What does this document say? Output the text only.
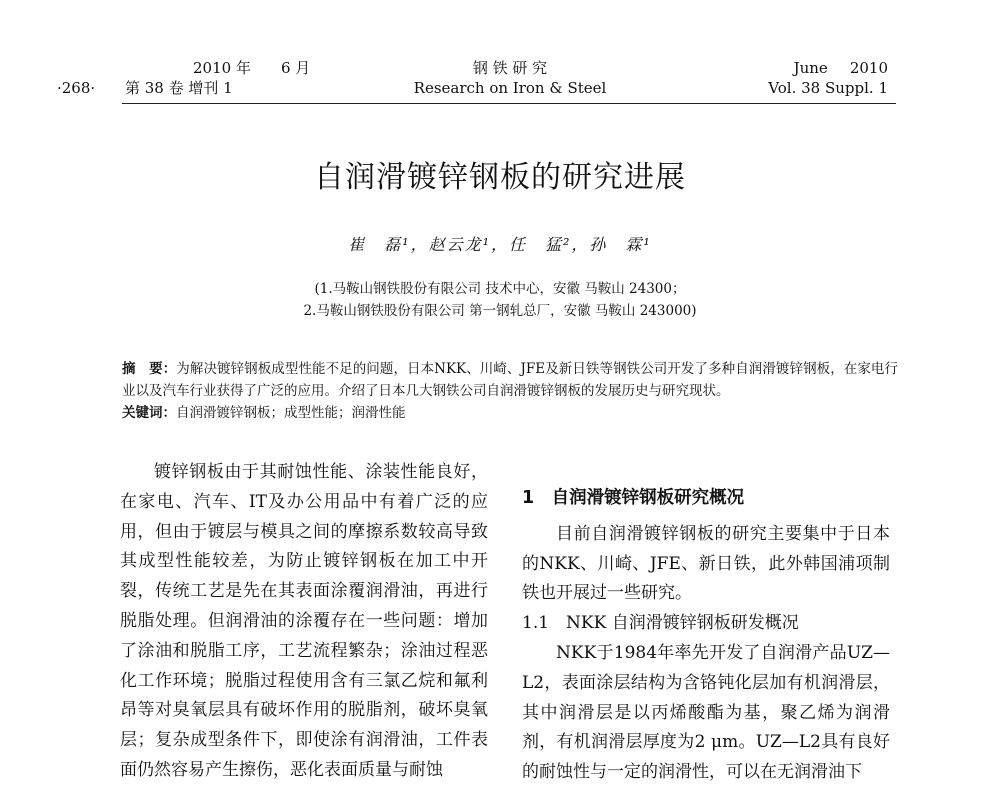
2010 年 6 月
·268· 第 38 卷 增刊 1
钢 铁 研 究
Research on Iron & Steel
June 2010
Vol. 38 Suppl. 1
自润滑镀锌钢板的研究进展
崔　磊¹，赵云龙¹，任　猛²，孙　霖¹
(1.马鞍山钢铁股份有限公司 技术中心，安徽 马鞍山 24300；
2.马鞍山钢铁股份有限公司 第一钢轧总厂，安徽 马鞍山 243000)
摘　要：为解决镀锌钢板成型性能不足的问题，日本NKK、川崎、JFE及新日铁等钢铁公司开发了多种自润滑镀锌钢板，在家电行业以及汽车行业获得了广泛的应用。介绍了日本几大钢铁公司自润滑镀锌钢板的发展历史与研究现状。
关键词：自润滑镀锌钢板；成型性能；润滑性能

镀锌钢板由于其耐蚀性能、涂装性能良好，在家电、汽车、IT及办公用品中有着广泛的应用，但由于镀层与模具之间的摩擦系数较高导致其成型性能较差，为防止镀锌钢板在加工中开裂，传统工艺是先在其表面涂覆润滑油，再进行脱脂处理。但润滑油的涂覆存在一些问题：增加了涂油和脱脂工序，工艺流程繁杂；涂油过程恶化工作环境；脱脂过程使用含有三氯乙烷和氟利昂等对臭氧层具有破坏作用的脱脂剂，破坏臭氧层；复杂成型条件下，即使涂有润滑油，工件表面仍然容易产生擦伤，恶化表面质量与耐蚀

1　自润滑镀锌钢板研究概况

目前自润滑镀锌钢板的研究主要集中于日本的NKK、川崎、JFE、新日铁，此外韩国浦项制铁也开展过一些研究。

1.1　NKK 自润滑镀锌钢板研发概况

NKK于1984年率先开发了自润滑产品UZ—L2，表面涂层结构为含铬钝化层加有机润滑层，其中润滑层是以丙烯酸酯为基，聚乙烯为润滑剂，有机润滑层厚度为2 μm。UZ—L2具有良好的耐蚀性与一定的润滑性，可以在无润滑油下
